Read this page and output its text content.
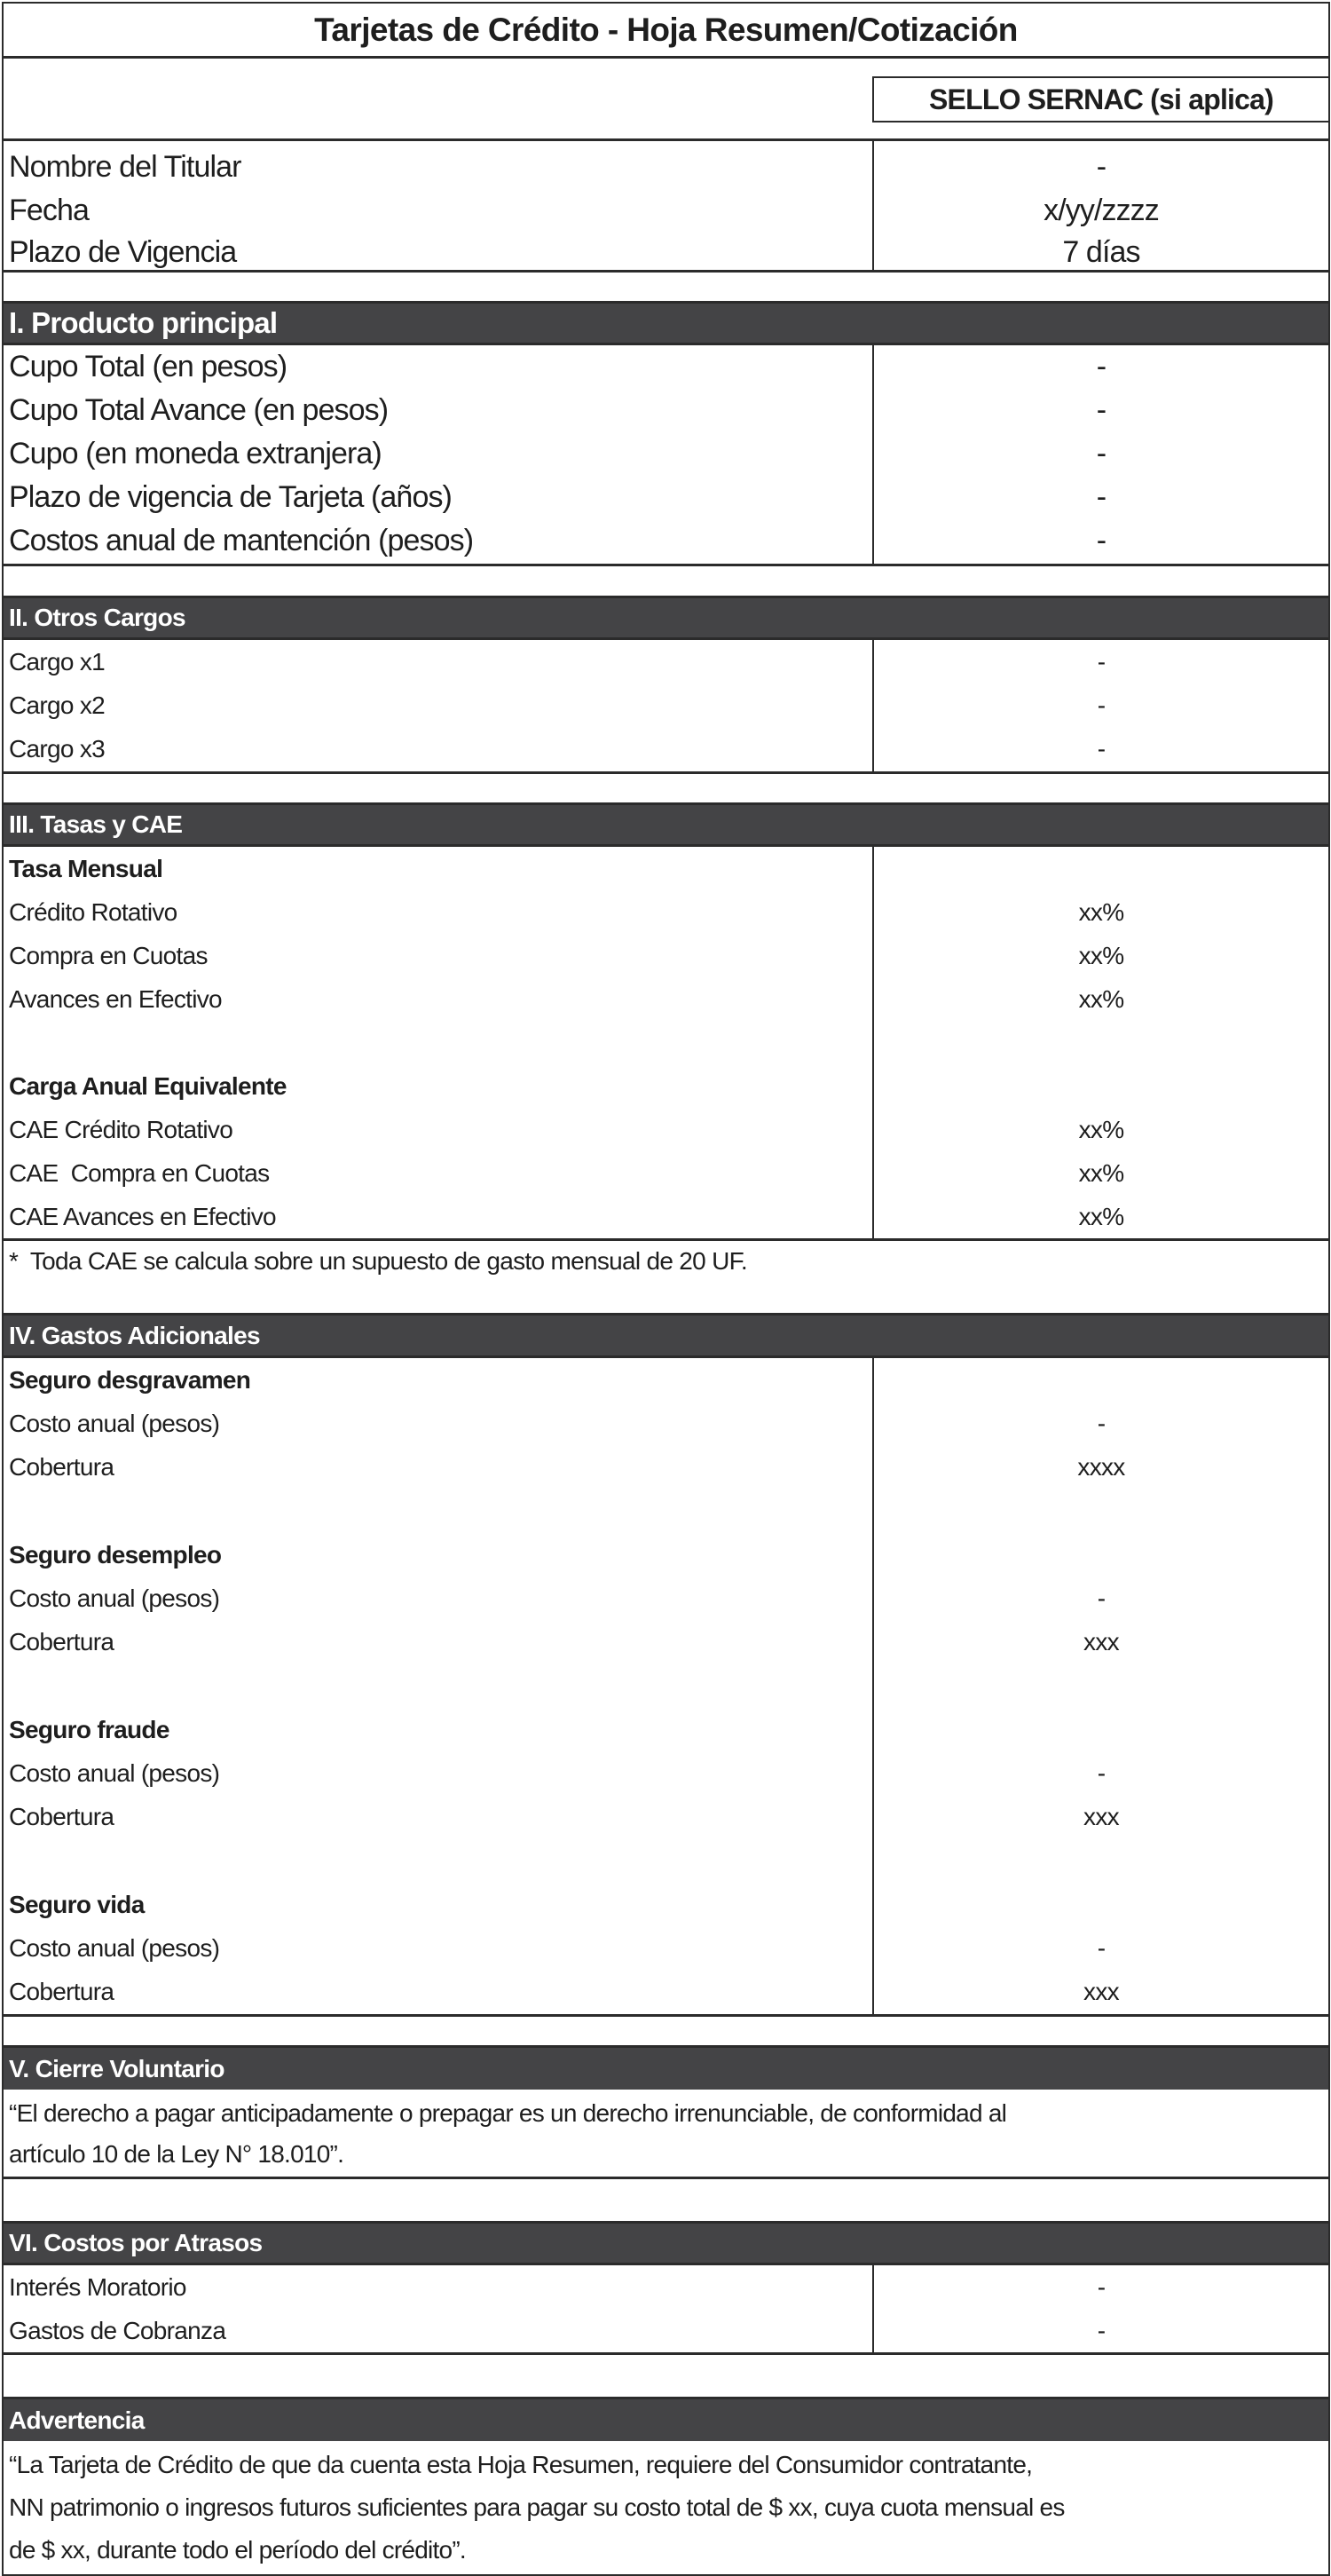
Tarjetas de Crédito - Hoja Resumen/Cotización
SELLO SERNAC (si aplica)
Nombre del Titular	-
Fecha	x/yy/zzzz
Plazo de Vigencia	7 días
I. Producto principal
Cupo Total (en pesos)	-
Cupo Total Avance (en pesos)	-
Cupo (en moneda extranjera)	-
Plazo de vigencia de Tarjeta (años)	-
Costos anual de mantención (pesos)	-
II. Otros Cargos
Cargo x1	-
Cargo x2	-
Cargo x3	-
III. Tasas y CAE
Tasa Mensual
Crédito Rotativo	xx%
Compra en Cuotas	xx%
Avances en Efectivo	xx%
Carga Anual Equivalente
CAE Crédito Rotativo	xx%
CAE  Compra en Cuotas	xx%
CAE Avances en Efectivo	xx%
*  Toda CAE se calcula sobre un supuesto de gasto mensual de 20 UF.
IV. Gastos Adicionales
Seguro desgravamen
Costo anual (pesos)	-
Cobertura	xxxx
Seguro desempleo
Costo anual (pesos)	-
Cobertura	xxx
Seguro fraude
Costo anual (pesos)	-
Cobertura	xxx
Seguro vida
Costo anual (pesos)	-
Cobertura	xxx
V. Cierre Voluntario
“El derecho a pagar anticipadamente o prepagar es un derecho irrenunciable, de conformidad al
artículo 10 de la Ley N° 18.010”.
VI. Costos por Atrasos
Interés Moratorio	-
Gastos de Cobranza	-
Advertencia
“La Tarjeta de Crédito de que da cuenta esta Hoja Resumen, requiere del Consumidor contratante,
NN patrimonio o ingresos futuros suficientes para pagar su costo total de $ xx, cuya cuota mensual es
de $ xx, durante todo el período del crédito”.
